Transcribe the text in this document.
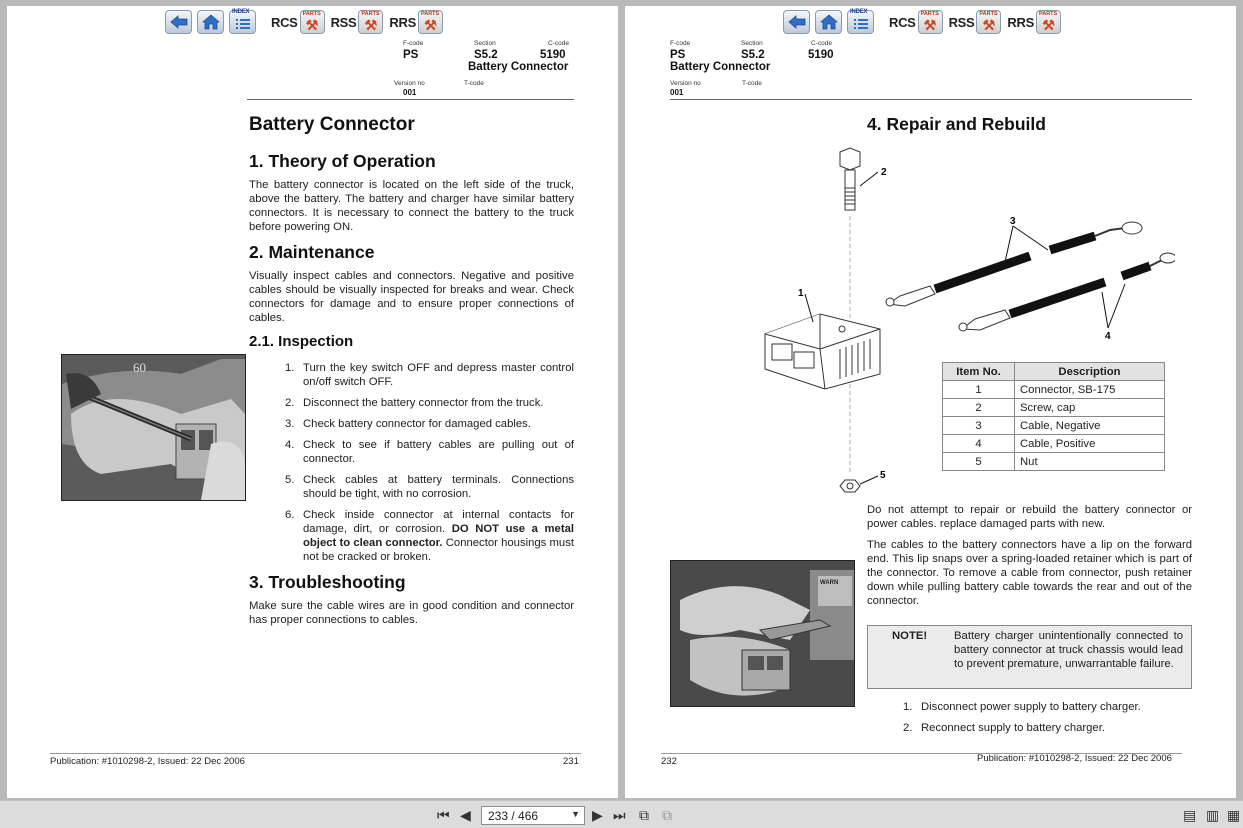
INDEX
RCS
PARTS
⚒ RSS
PARTS
⚒ RRS
PARTS
⚒
F-code
PS
Section
S5.2
C-code
5190
Battery Connector
Version no	T-code
001
Battery Connector
1. Theory of Operation

The battery connector is located on the left side of the truck, above the battery. The battery and charger have similar battery connectors. It is necessary to connect the battery to the truck before powering ON.

2. Maintenance

Visually inspect cables and connectors. Negative and positive cables should be visually inspected for breaks and wear. Check connectors for damage and to ensure proper connections of cables.

2.1. Inspection
60	1. Turn the key switch OFF and depress master control on/off switch OFF.
2. Disconnect the battery connector from the truck.
3. Check battery connector for damaged cables.
4. Check to see if battery cables are pulling out of connector.
5. Check cables at battery terminals. Connections should be tight, with no corrosion.
6. Check inside connector at internal contacts for damage, dirt, or corrosion. DO NOT use a metal object to clean connector. Connector housings must not be cracked or broken.
3. Troubleshooting

Make sure the cable wires are in good condition and connector has proper connections to cables.

Publication: #1010298-2, Issued: 22 Dec 2006	231
INDEX
RCS
PARTS
⚒ RSS
PARTS
⚒ RRS
PARTS
⚒
F-code
PS
Section
S5.2
C-code
5190
Battery Connector
Version no	T-code
001
4. Repair and Rebuild
2
1
3
4
5
Item No.	Description
1	Connector, SB-175
2	Screw, cap
3	Cable, Negative
4	Cable, Positive
5	Nut

Do not attempt to repair or rebuild the battery connector or power cables. replace damaged parts with new.

The cables to the battery connectors have a lip on the forward end. This lip snaps over a spring-loaded retainer which is part of the connector. To remove a cable from connector, push retainer down while pulling battery cable towards the rear and out of the connector.

WARN
NOTE!	Battery charger unintentionally connected to battery connector at truck chassis would lead to prevent premature, unwarrantable failure.
1. Disconnect power supply to battery charger.
2. Reconnect supply to battery charger.
232	Publication: #1010298-2, Issued: 22 Dec 2006
⏮ ◀ 233 / 466	▼ ▶ ⏭ ⧉ ⧉	▤ ▥ ▦
